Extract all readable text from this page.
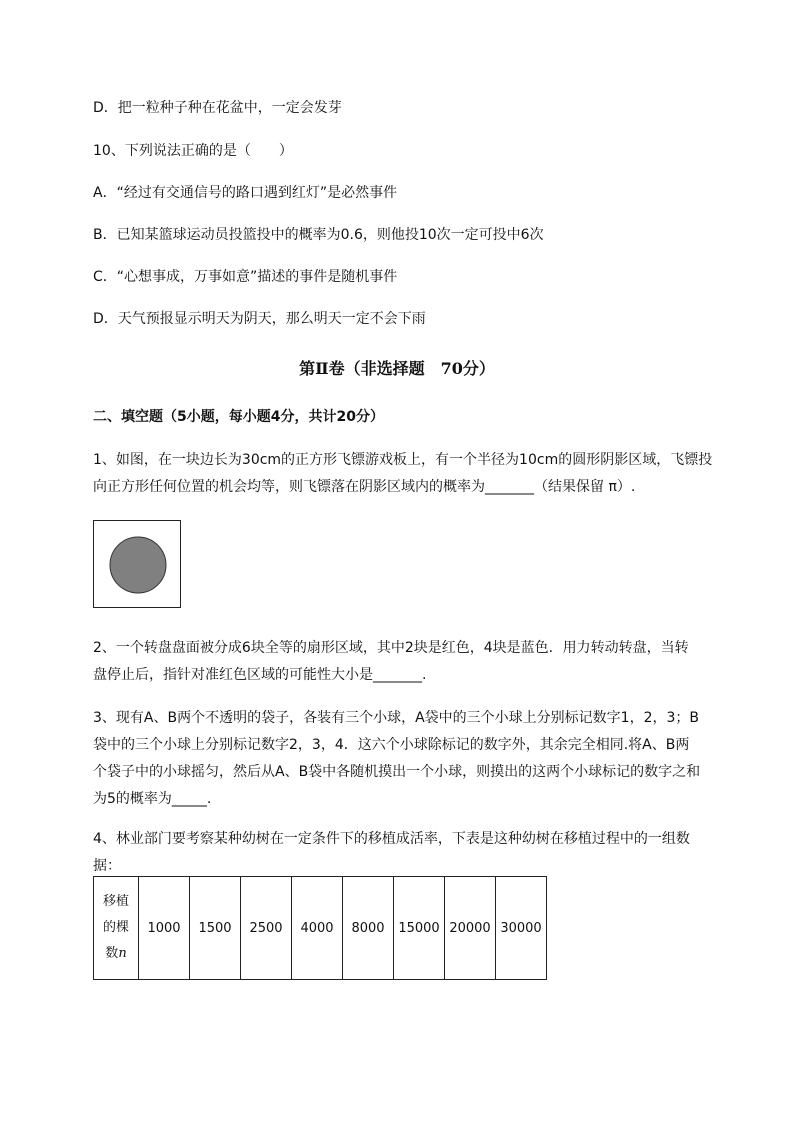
D．把一粒种子种在花盆中，一定会发芽
10、下列说法正确的是（　　）
A．“经过有交通信号的路口遇到红灯”是必然事件
B．已知某篮球运动员投篮投中的概率为0.6，则他投10次一定可投中6次
C．“心想事成，万事如意”描述的事件是随机事件
D．天气预报显示明天为阴天，那么明天一定不会下雨
第Ⅱ卷（非选择题　70分）
二、填空题（5小题，每小题4分，共计20分）
1、如图，在一块边长为30cm的正方形飞镖游戏板上，有一个半径为10cm的圆形阴影区域，飞镖投
向正方形任何位置的机会均等，则飞镖落在阴影区域内的概率为_______（结果保留 π）.
2、一个转盘盘面被分成6块全等的扇形区域，其中2块是红色，4块是蓝色．用力转动转盘，当转
盘停止后，指针对准红色区域的可能性大小是_______.
3、现有A、B两个不透明的袋子，各装有三个小球，A袋中的三个小球上分别标记数字1，2，3；B
袋中的三个小球上分别标记数字2，3，4．这六个小球除标记的数字外，其余完全相同.将A、B两
个袋子中的小球摇匀，然后从A、B袋中各随机摸出一个小球，则摸出的这两个小球标记的数字之和
为5的概率为_____.
4、林业部门要考察某种幼树在一定条件下的移植成活率，下表是这种幼树在移植过程中的一组数
据：
移植
的棵
数n
	1000	1500	2500	4000	8000	15000	20000	30000
